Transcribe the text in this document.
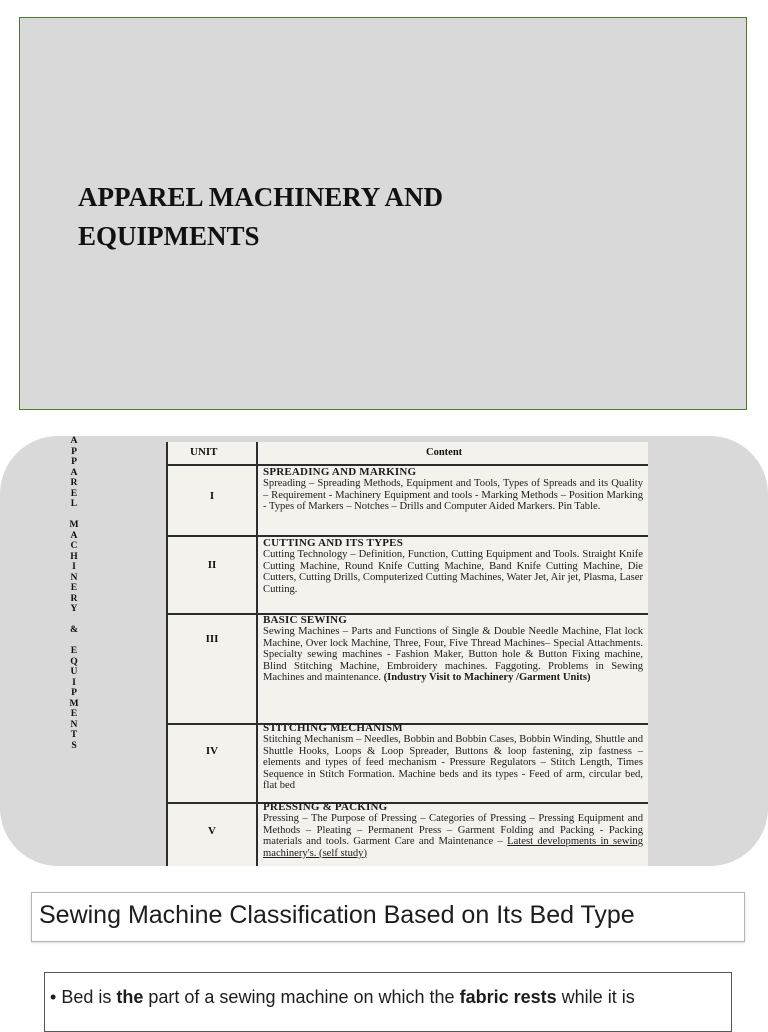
APPAREL MACHINERY AND
EQUIPMENTS
A
P
P
A
R
E
L
M
A
C
H
I
N
E
R
Y
&
E
Q
U
I
P
M
E
N
T
S
UNIT	Content
I
SPREADING AND MARKING
Spreading – Spreading Methods, Equipment and Tools, Types of Spreads and its Quality – Requirement - Machinery Equipment and tools - Marking Methods – Position Marking - Types of Markers – Notches – Drills and Computer Aided Markers. Pin Table.
II
CUTTING AND ITS TYPES
Cutting Technology – Definition, Function, Cutting Equipment and Tools. Straight Knife Cutting Machine, Round Knife Cutting Machine, Band Knife Cutting Machine, Die Cutters, Cutting Drills, Computerized Cutting Machines, Water Jet, Air jet, Plasma, Laser Cutting.
III
BASIC SEWING
Sewing Machines – Parts and Functions of Single & Double Needle Machine, Flat lock Machine, Over lock Machine, Three, Four, Five Thread Machines– Special Attachments. Specialty sewing machines - Fashion Maker, Button hole & Button Fixing machine, Blind Stitching Machine, Embroidery machines. Faggoting. Problems in Sewing Machines and maintenance. (Industry Visit to Machinery /Garment Units)
IV
STITCHING MECHANISM
Stitching Mechanism – Needles, Bobbin and Bobbin Cases, Bobbin Winding, Shuttle and Shuttle Hooks, Loops & Loop Spreader, Buttons & loop fastening, zip fastness – elements and types of feed mechanism - Pressure Regulators – Stitch Length, Times Sequence in Stitch Formation. Machine beds and its types - Feed of arm, circular bed, flat bed
V
PRESSING & PACKING
Pressing – The Purpose of Pressing – Categories of Pressing – Pressing Equipment and Methods – Pleating – Permanent Press – Garment Folding and Packing - Packing materials and tools. Garment Care and Maintenance – Latest developments in sewing machinery's. (self study)
Sewing Machine Classification Based on Its Bed Type
• Bed is the part of a sewing machine on which the fabric rests while it is
